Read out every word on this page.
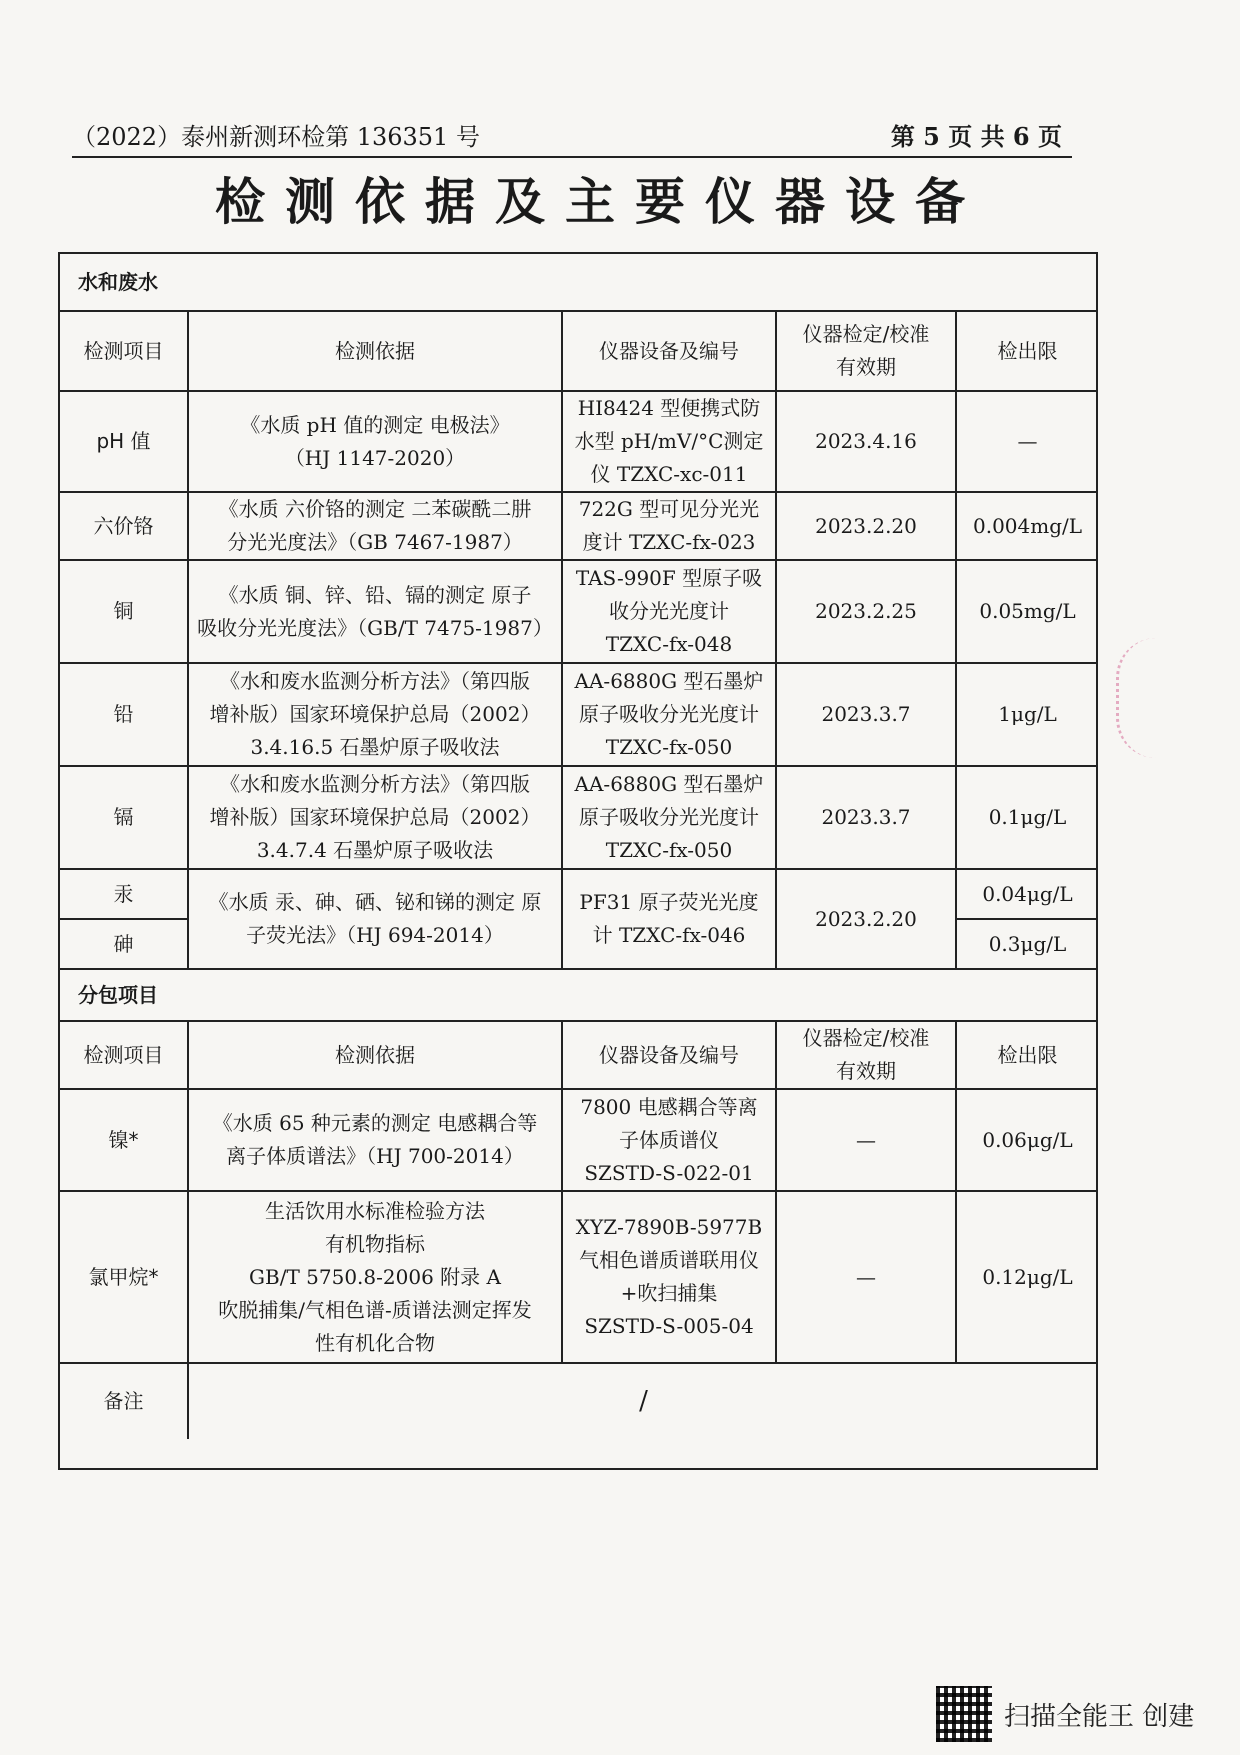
（2022）泰州新测环检第 136351 号	第 5 页 共 6 页
检测依据及主要仪器设备
水和废水				
检测项目	检测依据	仪器设备及编号	仪器检定/校准
有效期	检出限
pH 值	《水质 pH 值的测定 电极法》
（HJ 1147-2020）	HI8424 型便携式防
水型 pH/mV/°C测定
仪 TZXC-xc-011	2023.4.16	—
六价铬	《水质 六价铬的测定 二苯碳酰二肼
分光光度法》（GB 7467-1987）	722G 型可见分光光
度计 TZXC-fx-023	2023.2.20	0.004mg/L
铜	《水质 铜、锌、铅、镉的测定 原子
吸收分光光度法》（GB/T 7475-1987）	TAS-990F 型原子吸
收分光光度计
TZXC-fx-048	2023.2.25	0.05mg/L
铅	《水和废水监测分析方法》（第四版
增补版）国家环境保护总局（2002）
3.4.16.5 石墨炉原子吸收法	AA-6880G 型石墨炉
原子吸收分光光度计
TZXC-fx-050	2023.3.7	1μg/L
镉	《水和废水监测分析方法》（第四版
增补版）国家环境保护总局（2002）
3.4.7.4 石墨炉原子吸收法	AA-6880G 型石墨炉
原子吸收分光光度计
TZXC-fx-050	2023.3.7	0.1μg/L
汞	《水质 汞、砷、硒、铋和锑的测定 原
子荧光法》（HJ 694-2014）	PF31 原子荧光光度
计 TZXC-fx-046	2023.2.20	0.04μg/L
砷				0.3μg/L
分包项目				
检测项目	检测依据	仪器设备及编号	仪器检定/校准
有效期	检出限
镍*	《水质 65 种元素的测定 电感耦合等
离子体质谱法》（HJ 700-2014）	7800 电感耦合等离
子体质谱仪
SZSTD-S-022-01	—	0.06μg/L
氯甲烷*	生活饮用水标准检验方法
有机物指标
GB/T 5750.8-2006 附录 A
吹脱捕集/气相色谱-质谱法测定挥发
性有机化合物	XYZ-7890B-5977B
气相色谱质谱联用仪
+吹扫捕集
SZSTD-S-005-04	—	0.12μg/L
备注	/			
扫描全能王 创建
